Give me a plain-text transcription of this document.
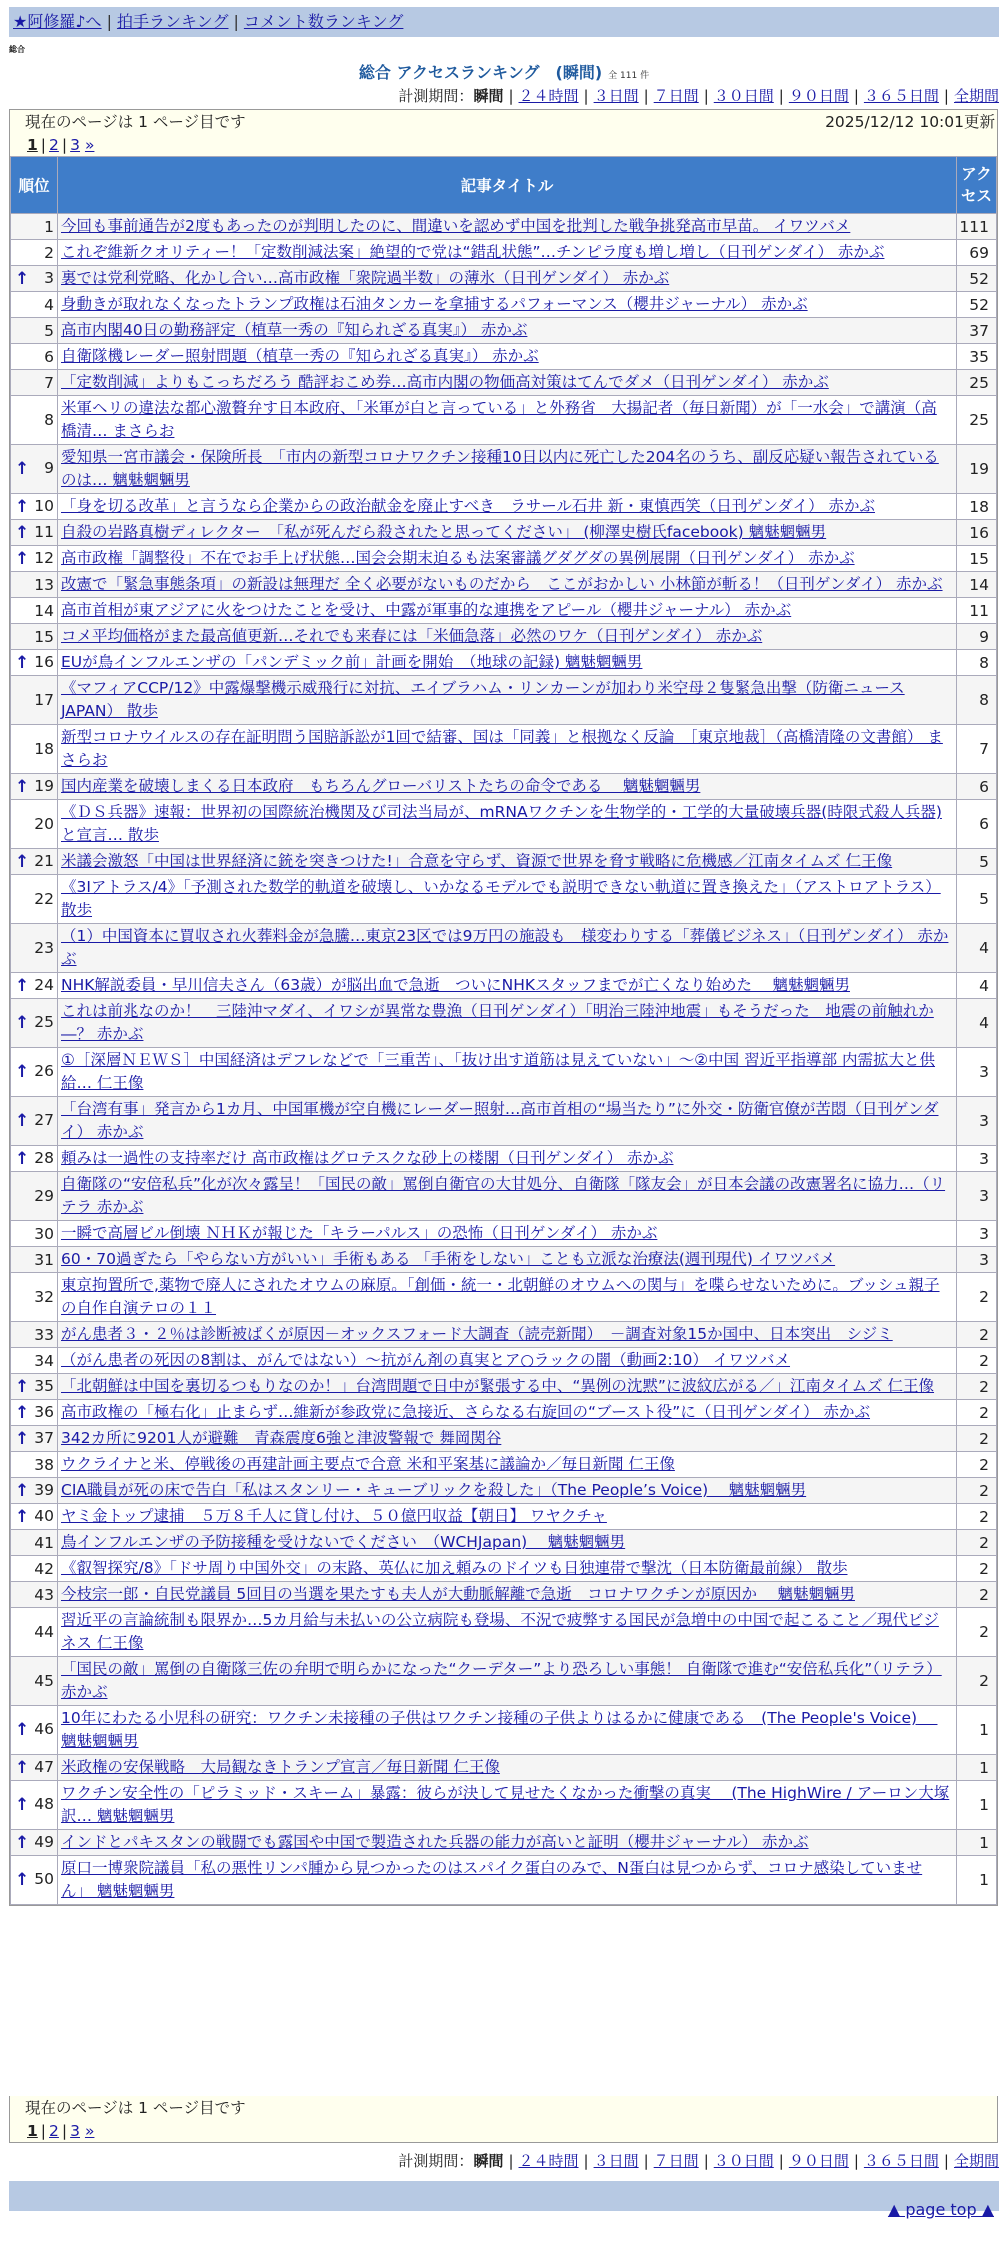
★阿修羅♪へ | 拍手ランキング | コメント数ランキング
総合
総合 アクセスランキング　(瞬間) 全 111 件
計測期間：瞬間 | ２４時間 | ３日間 | ７日間 | ３０日間 | ９０日間 | ３６５日間 | 全期間
現在のページは 1 ページ目です	2025/12/12 10:01更新
1 | 2 | 3 »
順位	記事タイトル	アクセス
1	今回も事前通告が2度もあったのが判明したのに、間違いを認めず中国を批判した戦争挑発高市早苗。 イワツバメ	111
2	これぞ維新クオリティー！「定数削減法案」絶望的で党は“錯乱状態”…チンピラ度も増し増し（日刊ゲンダイ） 赤かぶ	69

↑ 3	裏では党利党略、化かし合い…高市政権「衆院過半数」の薄氷（日刊ゲンダイ） 赤かぶ	52
4	身動きが取れなくなったトランプ政権は石油タンカーを拿捕するパフォーマンス（櫻井ジャーナル） 赤かぶ	52
5	高市内閣40日の勤務評定（植草一秀の『知られざる真実』） 赤かぶ	37
6	自衛隊機レーダー照射問題（植草一秀の『知られざる真実』） 赤かぶ	35
7	「定数削減」よりもこっちだろう 酷評おこめ券…高市内閣の物価高対策はてんでダメ（日刊ゲンダイ） 赤かぶ	25
8	米軍ヘリの違法な都心激贅弁す日本政府、「米軍が白と言っている」と外務省　大揚記者（毎日新聞）が「一水会」で講演（高橋清… まさらお	25

↑ 9	愛知県一宮市議会・保険所長　「市内の新型コロナワクチン接種10日以内に死亡した204名のうち、副反応疑い報告されているのは… 魑魅魍魎男	19

↑ 10	「身を切る改革」と言うなら企業からの政治献金を廃止すべき　ラサール石井 新・東慎西笑（日刊ゲンダイ） 赤かぶ	18

↑ 11	自殺の岩路真樹ディレクター　「私が死んだら殺されたと思ってください」 (柳澤史樹氏facebook) 魑魅魍魎男	16

↑ 12	高市政権「調整役」不在でお手上げ状態…国会会期末迫るも法案審議グダグダの異例展開（日刊ゲンダイ） 赤かぶ	15
13	改憲で「緊急事態条項」の新設は無理だ 全く必要がないものだから　ここがおかしい 小林節が斬る！（日刊ゲンダイ） 赤かぶ	14
14	高市首相が東アジアに火をつけたことを受け、中露が軍事的な連携をアピール（櫻井ジャーナル） 赤かぶ	11
15	コメ平均価格がまた最高値更新…それでも来春には「米価急落」必然のワケ（日刊ゲンダイ） 赤かぶ	9

↑ 16	EUが鳥インフルエンザの「パンデミック前」計画を開始　（地球の記録) 魑魅魍魎男	8
17	《マフィアCCP/12》中露爆撃機示威飛行に対抗、エイブラハム・リンカーンが加わり米空母２隻緊急出撃（防衛ニュースJAPAN） 散歩	8
18	新型コロナウイルスの存在証明問う国賠訴訟が1回で結審、国は「同義」と根拠なく反論　［東京地裁］（高橋清隆の文書館） まさらお	7

↑ 19	国内産業を破壊しまくる日本政府　もちろんグローバリストたちの命令である　 魑魅魍魎男	6
20	《ＤＳ兵器》速報：世界初の国際統治機関及び司法当局が、mRNAワクチンを生物学的・工学的大量破壊兵器(時限式殺人兵器)と宣言… 散歩	6

↑ 21	米議会激怒「中国は世界経済に銃を突きつけた!」合意を守らず、資源で世界を脅す戦略に危機感／江南タイムズ 仁王像	5
22	《3Iアトラス/4》「予測された数学的軌道を破壊し、いかなるモデルでも説明できない軌道に置き換えた」（アストロアトラス） 散歩	5
23	（1）中国資本に買収され火葬料金が急騰…東京23区では9万円の施設も　様変わりする「葬儀ビジネス」（日刊ゲンダイ） 赤かぶ	4

↑ 24	NHK解説委員・早川信夫さん（63歳）が脳出血で急逝　ついにNHKスタッフまでが亡くなり始めた　 魑魅魍魎男	4

↑ 25	これは前兆なのか！　三陸沖マダイ、イワシが異常な豊漁（日刊ゲンダイ）「明治三陸沖地震」もそうだった　地震の前触れか―？ 赤かぶ	4

↑ 26	①［深層ＮＥＷＳ］中国経済はデフレなどで「三重苦」、「抜け出す道筋は見えていない」～②中国 習近平指導部 内需拡大と供給… 仁王像	3

↑ 27	「台湾有事」発言から1カ月、中国軍機が空自機にレーダー照射…高市首相の“場当たり”に外交・防衛官僚が苦悶（日刊ゲンダイ） 赤かぶ	3

↑ 28	頼みは一過性の支持率だけ 高市政権はグロテスクな砂上の楼閣（日刊ゲンダイ） 赤かぶ	3
29	自衛隊の“安倍私兵”化が次々露呈！「国民の敵」罵倒自衛官の大甘処分、自衛隊「隊友会」が日本会議の改憲署名に協力…（リテラ 赤かぶ	3
30	一瞬で高層ビル倒壊 ＮＨＫが報じた「キラーパルス」の恐怖（日刊ゲンダイ） 赤かぶ	3
31	60・70過ぎたら「やらない方がいい」手術もある 「手術をしない」ことも立派な治療法(週刊現代) イワツバメ	3
32	東京拘置所で,薬物で廃人にされたオウムの麻原。「創価・統一・北朝鮮のオウムへの関与」を喋らせないために。ブッシュ親子の自作自演テロの１１	2
33	がん患者３・２％は診断被ばくが原因－オックスフォード大調査（読売新聞）　－調査対象15か国中、日本突出　シジミ	2
34	（がん患者の死因の8割は、がんではない）～抗がん剤の真実とア○ラックの闇（動画2:10） イワツバメ	2

↑ 35	「北朝鮮は中国を裏切るつもりなのか！」台湾問題で日中が緊張する中、“異例の沈黙”に波紋広がる／」江南タイムズ 仁王像	2

↑ 36	高市政権の「極右化」止まらず…維新が参政党に急接近、さらなる右旋回の“ブースト役”に（日刊ゲンダイ） 赤かぶ	2

↑ 37	342カ所に9201人が避難　青森震度6強と津波警報で 舞岡関谷	2
38	ウクライナと米、停戦後の再建計画主要点で合意 米和平案基に議論か／毎日新聞 仁王像	2

↑ 39	CIA職員が死の床で告白「私はスタンリー・キューブリックを殺した」（The People’s Voice)　 魑魅魍魎男	2

↑ 40	ヤミ金トップ逮捕　５万８千人に貸し付け、５０億円収益【朝日】 ワヤクチャ	2
41	鳥インフルエンザの予防接種を受けないでください　（WCHJapan)　 魑魅魍魎男	2
42	《叡智探究/8》「ドサ周り中国外交」の末路、英仏に加え頼みのドイツも日独連帯で撃沈（日本防衛最前線） 散歩	2
43	今枝宗一郎・自民党議員 5回目の当選を果たすも夫人が大動脈解離で急逝　コロナワクチンが原因か　 魑魅魍魎男	2
44	習近平の言論統制も限界か…5カ月給与未払いの公立病院も登場、不況で疲弊する国民が急増中の中国で起こること／現代ビジネス 仁王像	2
45	「国民の敵」罵倒の自衛隊三佐の弁明で明らかになった“クーデター”より恐ろしい事態！ 自衛隊で進む“安倍私兵化”（リテラ） 赤かぶ	2

↑ 46	10年にわたる小児科の研究：ワクチン未接種の子供はワクチン接種の子供よりはるかに健康である　(The People's Voice)　 魑魅魍魎男	1

↑ 47	米政権の安保戦略　大局観なきトランプ宣言／毎日新聞 仁王像	1

↑ 48	ワクチン安全性の「ピラミッド・スキーム」暴露：彼らが決して見せたくなかった衝撃の真実　 (The HighWire / アーロン大塚訳… 魑魅魍魎男	1

↑ 49	インドとパキスタンの戦闘でも露国や中国で製造された兵器の能力が高いと証明（櫻井ジャーナル） 赤かぶ	1

↑ 50	原口一博衆院議員「私の悪性リンパ腫から見つかったのはスパイク蛋白のみで、N蛋白は見つからず、コロナ感染していません」 魑魅魍魎男	1
現在のページは 1 ページ目です
1 | 2 | 3 »
計測期間：瞬間 | ２４時間 | ３日間 | ７日間 | ３０日間 | ９０日間 | ３６５日間 | 全期間
▲ page top ▲
